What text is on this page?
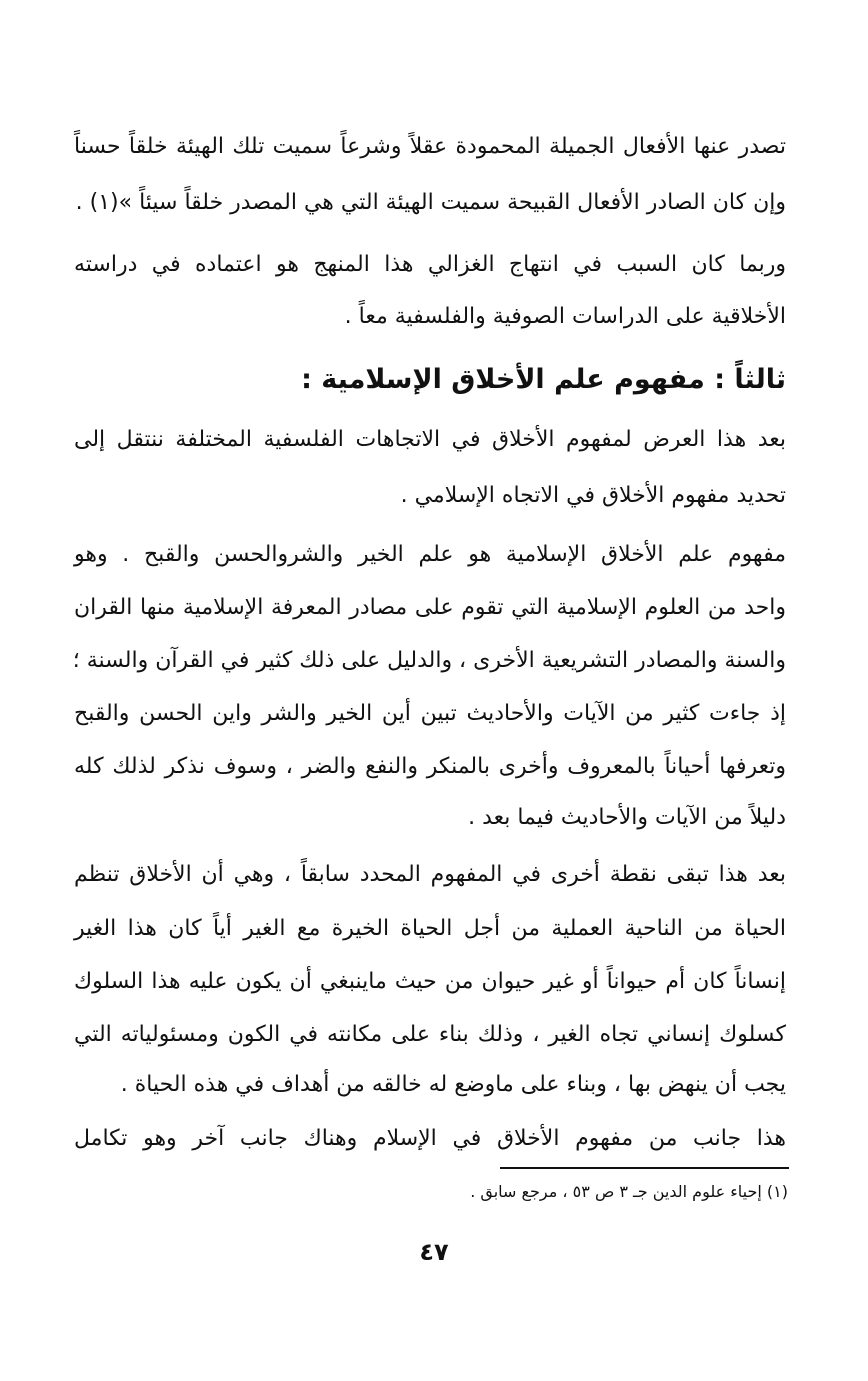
تصدر عنها الأفعال الجميلة المحمودة عقلاً وشرعاً سميت تلك الهيئة خلقاً حسناً
وإن كان الصادر الأفعال القبيحة سميت الهيئة التي هي المصدر خلقاً سيئاً »(١) .
وربما كان السبب في انتهاج الغزالي هذا المنهج هو اعتماده في دراسته
الأخلاقية على الدراسات الصوفية والفلسفية معاً .
ثالثاً : مفهوم علم الأخلاق الإسلامية :
بعد هذا العرض لمفهوم الأخلاق في الاتجاهات الفلسفية المختلفة ننتقل إلى
تحديد مفهوم الأخلاق في الاتجاه الإسلامي .
مفهوم علم الأخلاق الإسلامية هو علم الخير والشروالحسن والقبح . وهو
واحد من العلوم الإسلامية التي تقوم على مصادر المعرفة الإسلامية منها القران
والسنة والمصادر التشريعية الأخرى ، والدليل على ذلك كثير في القرآن والسنة ؛
إذ جاءت كثير من الآيات والأحاديث تبين أين الخير والشر واين الحسن والقبح
وتعرفها أحياناً بالمعروف وأخرى بالمنكر والنفع والضر ، وسوف نذكر لذلك كله
دليلاً من الآيات والأحاديث فيما بعد .
بعد هذا تبقى نقطة أخرى في المفهوم المحدد سابقاً ، وهي أن الأخلاق تنظم
الحياة من الناحية العملية من أجل الحياة الخيرة مع الغير أياً كان هذا الغير
إنساناً كان أم حيواناً أو غير حيوان من حيث ماينبغي أن يكون عليه هذا السلوك
كسلوك إنساني تجاه الغير ، وذلك بناء على مكانته في الكون ومسئولياته التي
يجب أن ينهض بها ، وبناء على ماوضع له خالقه من أهداف في هذه الحياة .
هذا جانب من مفهوم الأخلاق في الإسلام وهناك جانب آخر وهو تكامل
(١) إحياء علوم الدين جـ ٣ ص ٥٣ ، مرجع سابق .
٤٧
